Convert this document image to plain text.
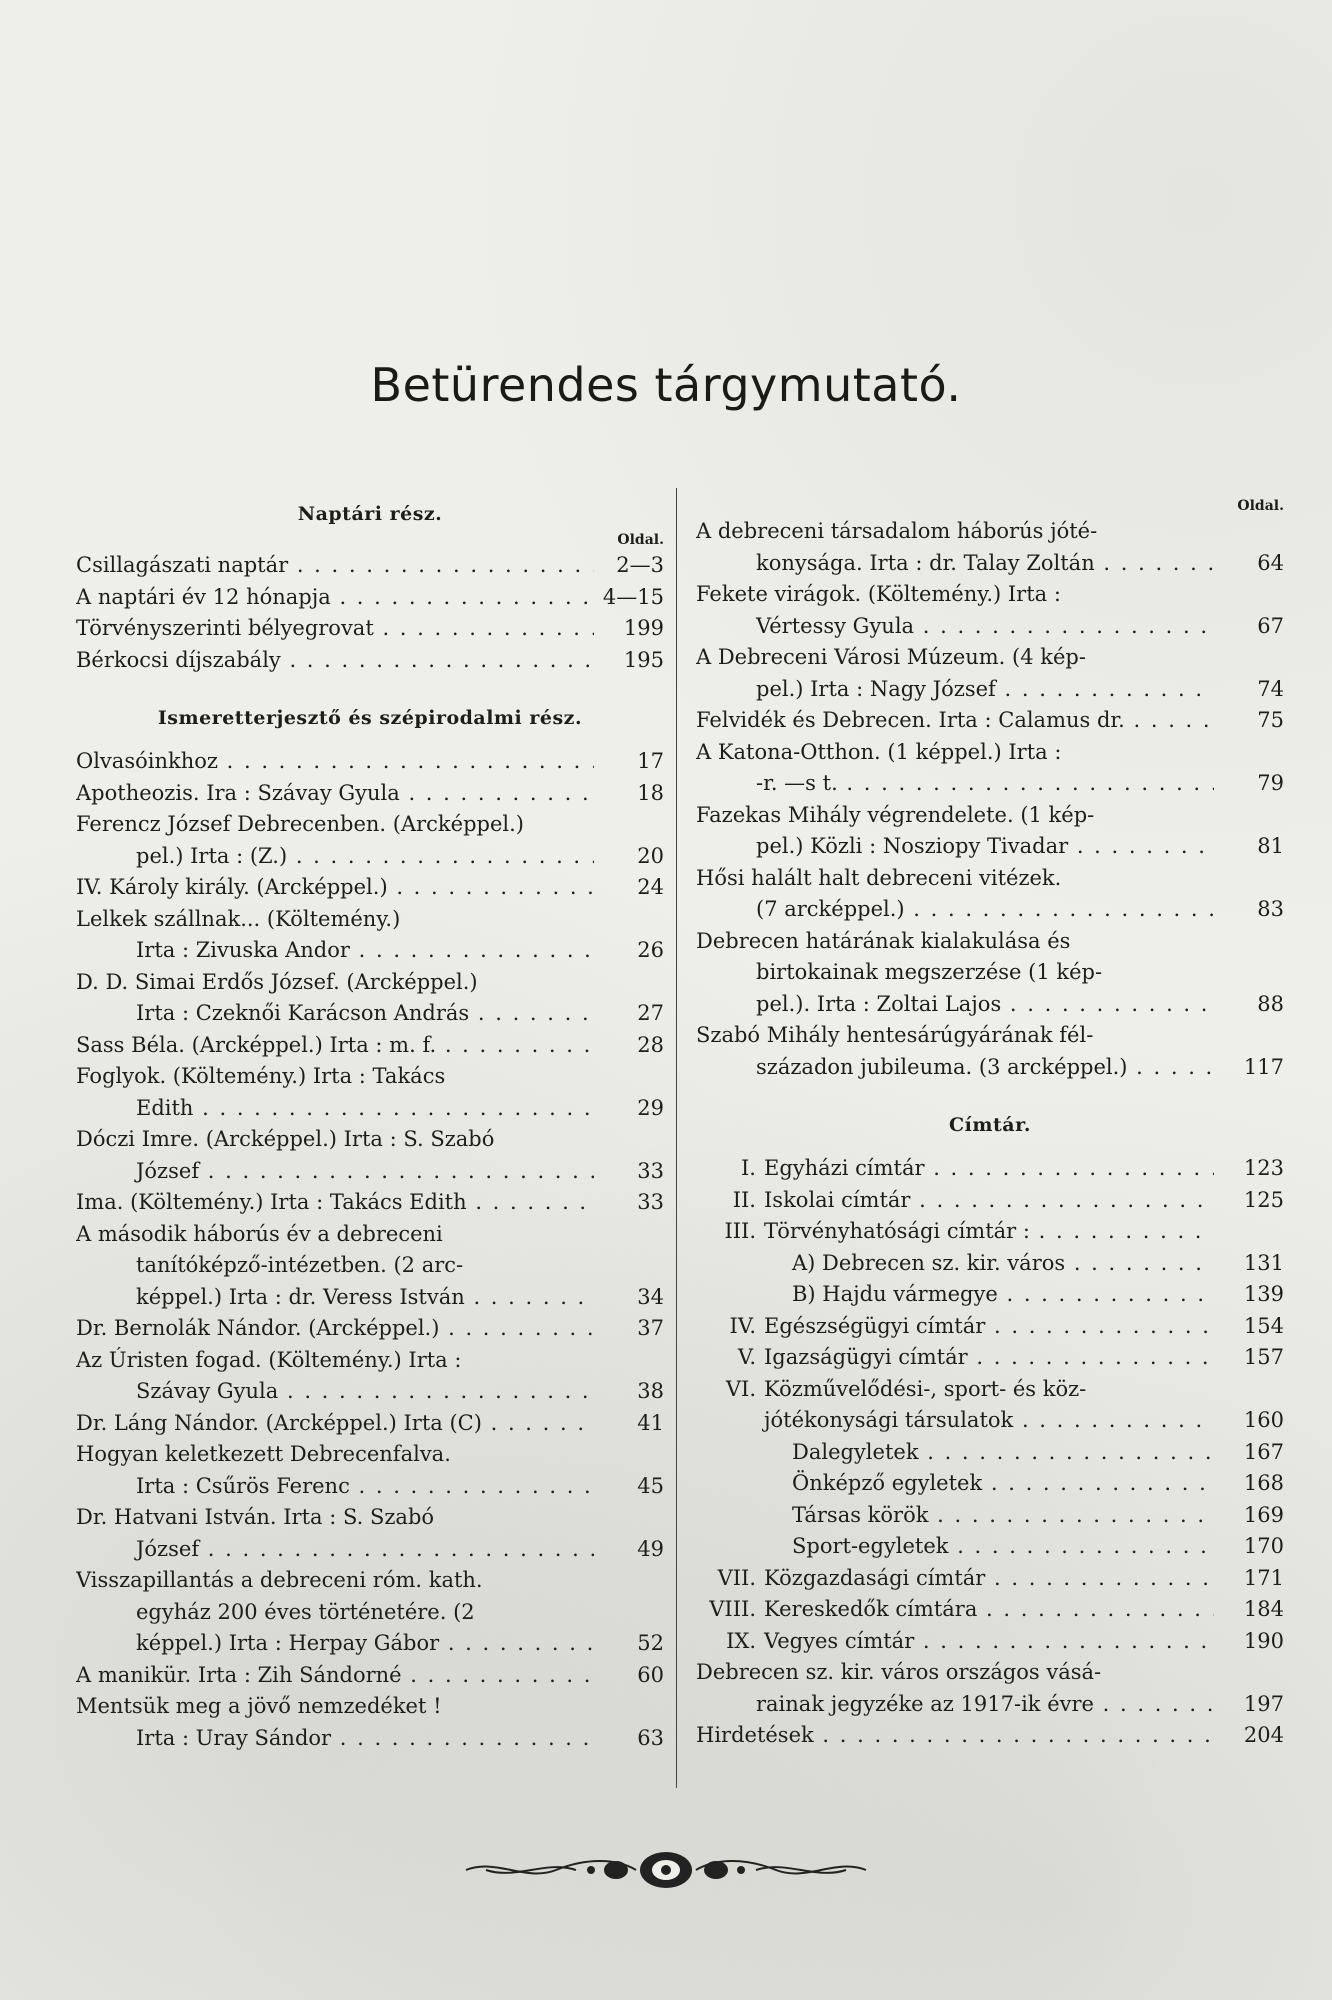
Betürendes tárgymutató.
Naptári rész.
Oldal.
Csillagászati naptár . . .	2—3
A naptári év 12 hónapja . . .	4—15
Törvényszerinti bélyegrovat . . .	199
Bérkocsi díjszabály . . .	195
Ismeretterjesztő és szépirodalmi rész.
Olvasóinkhoz . . .	17
Apotheozis. Ira : Szávay Gyula . . .	18
Ferencz József Debrecenben. (Arcképpel.)
pel.) Irta : (Z.) . . .	20
IV. Károly király. (Arcképpel.) . . .	24
Lelkek szállnak... (Költemény.)
Irta : Zivuska Andor . . .	26
D. D. Simai Erdős József. (Arcképpel.)
Irta : Czeknői Karácson András . . .	27
Sass Béla. (Arcképpel.) Irta : m. f. . . .	28
Foglyok. (Költemény.) Irta : Takács
Edith . . .	29
Dóczi Imre. (Arcképpel.) Irta : S. Szabó
József . . .	33
Ima. (Költemény.) Irta : Takács Edith . . .	33
A második háborús év a debreceni
tanítóképző-intézetben. (2 arc-
képpel.) Irta : dr. Veress István . . .	34
Dr. Bernolák Nándor. (Arcképpel.) . . .	37
Az Úristen fogad. (Költemény.) Irta :
Szávay Gyula . . .	38
Dr. Láng Nándor. (Arcképpel.) Irta (C) . . .	41
Hogyan keletkezett Debrecenfalva.
Irta : Csűrös Ferenc . . .	45
Dr. Hatvani István. Irta : S. Szabó
József . . .	49
Visszapillantás a debreceni róm. kath.
egyház 200 éves történetére. (2
képpel.) Irta : Herpay Gábor . . .	52
A manikür. Irta : Zih Sándorné . . .	60
Mentsük meg a jövő nemzedéket !
Irta : Uray Sándor . . .	63
Oldal.
A debreceni társadalom háborús jóté-
konysága. Irta : dr. Talay Zoltán . . .	64
Fekete virágok. (Költemény.) Irta :
Vértessy Gyula . . .	67
A Debreceni Városi Múzeum. (4 kép-
pel.) Irta : Nagy József . . .	74
Felvidék és Debrecen. Irta : Calamus dr. . . .	75
A Katona-Otthon. (1 képpel.) Irta :
-r. —s t. . . .	79
Fazekas Mihály végrendelete. (1 kép-
pel.) Közli : Nosziopy Tivadar . . .	81
Hősi halált halt debreceni vitézek.
(7 arcképpel.) . . .	83
Debrecen határának kialakulása és
birtokainak megszerzése (1 kép-
pel.). Irta : Zoltai Lajos . . .	88
Szabó Mihály hentesárúgyárának fél-
századon jubileuma. (3 arcképpel.) . . .	117
Címtár.
I. Egyházi címtár . . .	123
II. Iskolai címtár . . .	125
III. Törvényhatósági címtár : . . .
A) Debrecen sz. kir. város . . .	131
B) Hajdu vármegye . . .	139
IV. Egészségügyi címtár . . .	154
V. Igazságügyi címtár . . .	157
VI. Közművelődési-, sport- és köz-
jótékonysági társulatok . . .	160
Dalegyletek . . .	167
Önképző egyletek . . .	168
Társas körök . . .	169
Sport-egyletek . . .	170
VII. Közgazdasági címtár . . .	171
VIII. Kereskedők címtára . . .	184
IX. Vegyes címtár . . .	190
Debrecen sz. kir. város országos vásá-
rainak jegyzéke az 1917-ik évre . . .	197
Hirdetések . . .	204
